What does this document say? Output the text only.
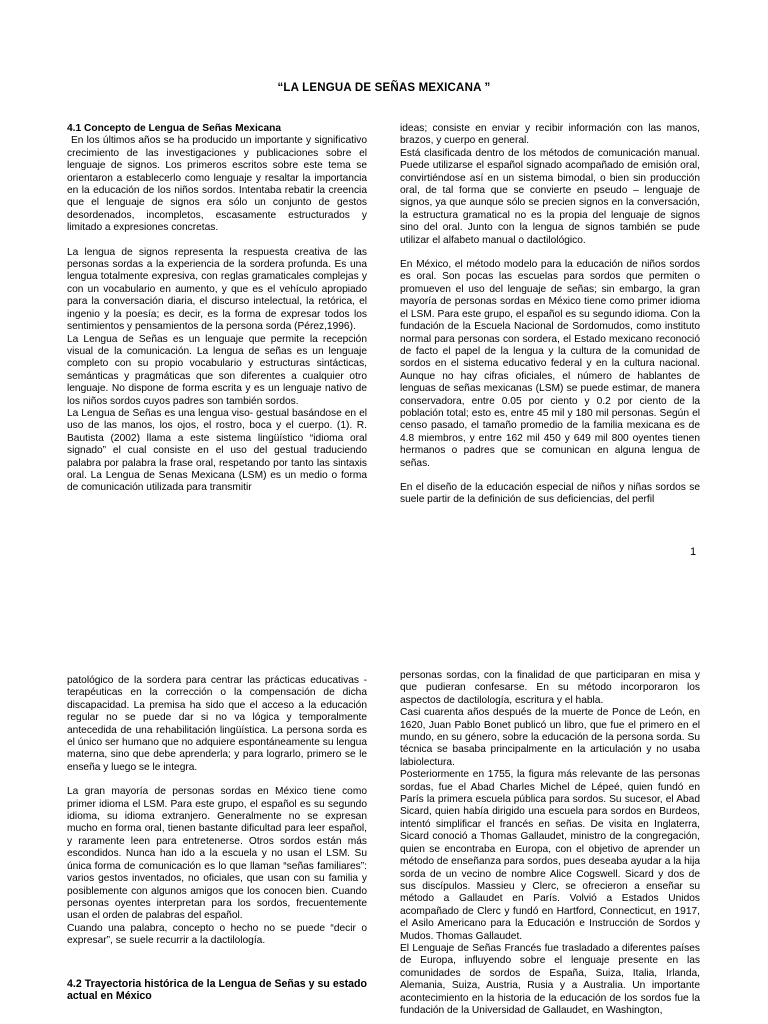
“LA LENGUA DE SEÑAS MEXICANA ”

4.1 Concepto de Lengua de Señas Mexicana

En los últimos años se ha producido un importante y significativo crecimiento de las investigaciones y publicaciones sobre el lenguaje de signos. Los primeros escritos sobre este tema se orientaron a establecerlo como lenguaje y resaltar la importancia en la educación de los niños sordos. Intentaba rebatir la creencia que el lenguaje de signos era sólo un conjunto de gestos desordenados, incompletos, escasamente estructurados y limitado a expresiones concretas.

La lengua de signos representa la respuesta creativa de las personas sordas a la experiencia de la sordera profunda. Es una lengua totalmente expresiva, con reglas gramaticales complejas y con un vocabulario en aumento, y que es el vehículo apropiado para la conversación diaria, el discurso intelectual, la retórica, el ingenio y la poesía; es decir, es la forma de expresar todos los sentimientos y pensamientos de la persona sorda (Pérez,1996).

La Lengua de Señas es un lenguaje que permite la recepción visual de la comunicación. La lengua de señas es un lenguaje completo con su propio vocabulario y estructuras sintácticas, semánticas y pragmáticas que son diferentes a cualquier otro lenguaje. No dispone de forma escrita y es un lenguaje nativo de los niños sordos cuyos padres son también sordos.

La Lengua de Señas es una lengua viso- gestual basándose en el uso de las manos, los ojos, el rostro, boca y el cuerpo. (1). R. Bautista (2002) llama a este sistema lingüístico “idioma oral signado” el cual consiste en el uso del gestual traduciendo palabra por palabra la frase oral, respetando por tanto las sintaxis oral. La Lengua de Senas Mexicana (LSM) es un medio o forma de comunicación utilizada para transmitir

ideas; consiste en enviar y recibir información con las manos, brazos, y cuerpo en general.

Está clasificada dentro de los métodos de comunicación manual. Puede utilizarse el español signado acompañado de emisión oral, convirtiéndose así en un sistema bimodal, o bien sin producción oral, de tal forma que se convierte en pseudo – lenguaje de signos, ya que aunque sólo se precien signos en la conversación, la estructura gramatical no es la propia del lenguaje de signos sino del oral. Junto con la lengua de signos también se pude utilizar el alfabeto manual o dactilológico.

En México, el método modelo para la educación de niños sordos es oral. Son pocas las escuelas para sordos que permiten o promueven el uso del lenguaje de señas; sin embargo, la gran mayoría de personas sordas en México tiene como primer idioma el LSM. Para este grupo, el español es su segundo idioma. Con la fundación de la Escuela Nacional de Sordomudos, como instituto normal para personas con sordera, el Estado mexicano reconoció de facto el papel de la lengua y la cultura de la comunidad de sordos en el sistema educativo federal y en la cultura nacional. Aunque no hay cifras oficiales, el número de hablantes de lenguas de señas mexicanas (LSM) se puede estimar, de manera conservadora, entre 0.05 por ciento y 0.2 por ciento de la población total; esto es, entre 45 mil y 180 mil personas. Según el censo pasado, el tamaño promedio de la familia mexicana es de 4.8 miembros, y entre 162 mil 450 y 649 mil 800 oyentes tienen hermanos o padres que se comunican en alguna lengua de señas.

En el diseño de la educación especial de niños y niñas sordos se suele partir de la definición de sus deficiencias, del perfil

1

patológico de la sordera para centrar las prácticas educativas - terapéuticas en la corrección o la compensación de dicha discapacidad. La premisa ha sido que el acceso a la educación regular no se puede dar si no va lógica y temporalmente antecedida de una rehabilitación lingüística. La persona sorda es el único ser humano que no adquiere espontáneamente su lengua materna, sino que debe aprenderla; y para lograrlo, primero se le enseña y luego se le integra.

La gran mayoría de personas sordas en México tiene como primer idioma el LSM. Para este grupo, el español es su segundo idioma, su idioma extranjero. Generalmente no se expresan mucho en forma oral, tienen bastante dificultad para leer español, y raramente leen para entretenerse. Otros sordos están más escondidos. Nunca han ido a la escuela y no usan el LSM. Su única forma de comunicación es lo que llaman “señas familiares”: varios gestos inventados, no oficiales, que usan con su familia y posiblemente con algunos amigos que los conocen bien. Cuando personas oyentes interpretan para los sordos, frecuentemente usan el orden de palabras del español.

Cuando una palabra, concepto o hecho no se puede “decir o expresar”, se suele recurrir a la dactilología.

4.2 Trayectoria histórica de la Lengua de Señas y su estado actual en México

personas sordas, con la finalidad de que participaran en misa y que pudieran confesarse. En su método incorporaron los aspectos de dactilología, escritura y el habla.

Casi cuarenta años después de la muerte de Ponce de León, en 1620, Juan Pablo Bonet publicó un libro, que fue el primero en el mundo, en su género, sobre la educación de la persona sorda. Su técnica se basaba principalmente en la articulación y no usaba labiolectura.

Posteriormente en 1755, la figura más relevante de las personas sordas, fue el Abad Charles Michel de Lépeé, quien fundó en París la primera escuela pública para sordos. Su sucesor, el Abad Sicard, quien había dirigido una escuela para sordos en Burdeos, intentó simplificar el francés en señas. De visita en Inglaterra, Sicard conoció a Thomas Gallaudet, ministro de la congregación, quien se encontraba en Europa, con el objetivo de aprender un método de enseñanza para sordos, pues deseaba ayudar a la hija sorda de un vecino de nombre Alice Cogswell. Sicard y dos de sus discípulos. Massieu y Clerc, se ofrecieron a enseñar su método a Gallaudet en París. Volvió a Estados Unidos acompañado de Clerc y fundó en Hartford, Connecticut, en 1917, el Asilo Americano para la Educación e Instrucción de Sordos y Mudos. Thomas Gallaudet.

El Lenguaje de Señas Francés fue trasladado a diferentes países de Europa, influyendo sobre el lenguaje presente en las comunidades de sordos de España, Suiza, Italia, Irlanda, Alemania, Suiza, Austria, Rusia y a Australia. Un importante acontecimiento en la historia de la educación de los sordos fue la fundación de la Universidad de Gallaudet, en Washington,
